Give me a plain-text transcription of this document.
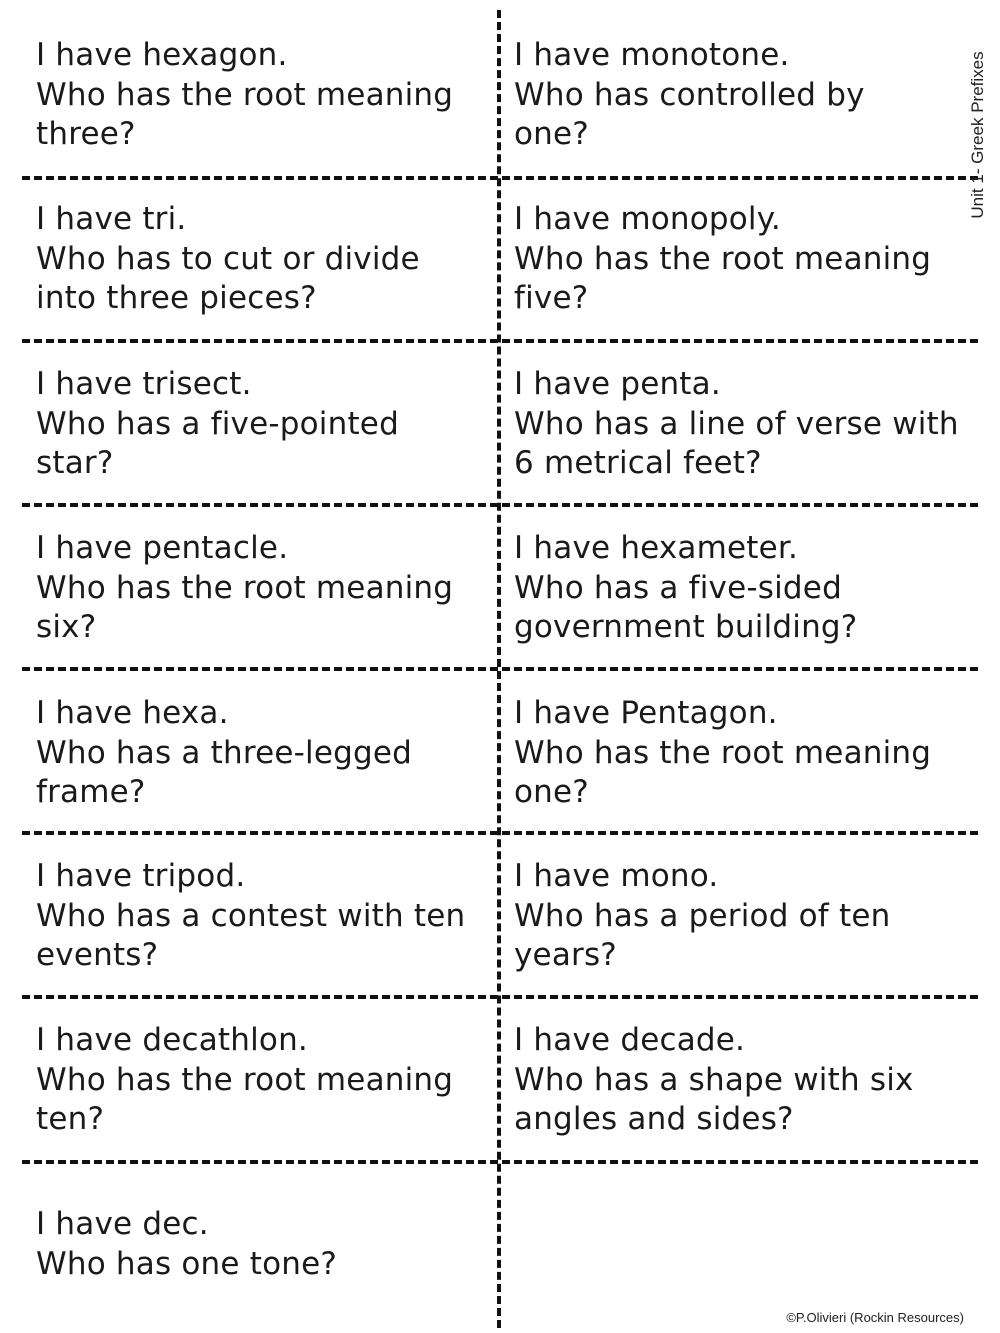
I have hexagon.
Who has the root meaning
three?
I have monotone.
Who has controlled by
one?
I have tri.
Who has to cut or divide
into three pieces?
I have monopoly.
Who has the root meaning
five?
I have trisect.
Who has a five-pointed
star?
I have penta.
Who has a line of verse with
6 metrical feet?
I have pentacle.
Who has the root meaning
six?
I have hexameter.
Who has a five-sided
government building?
I have hexa.
Who has a three-legged
frame?
I have Pentagon.
Who has the root meaning
one?
I have tripod.
Who has a contest with ten
events?
I have mono.
Who has a period of ten
years?
I have decathlon.
Who has the root meaning
ten?
I have decade.
Who has a shape with six
angles and sides?
I have dec.
Who has one tone?
Unit 1- Greek Prefixes
©P.Olivieri (Rockin Resources)
